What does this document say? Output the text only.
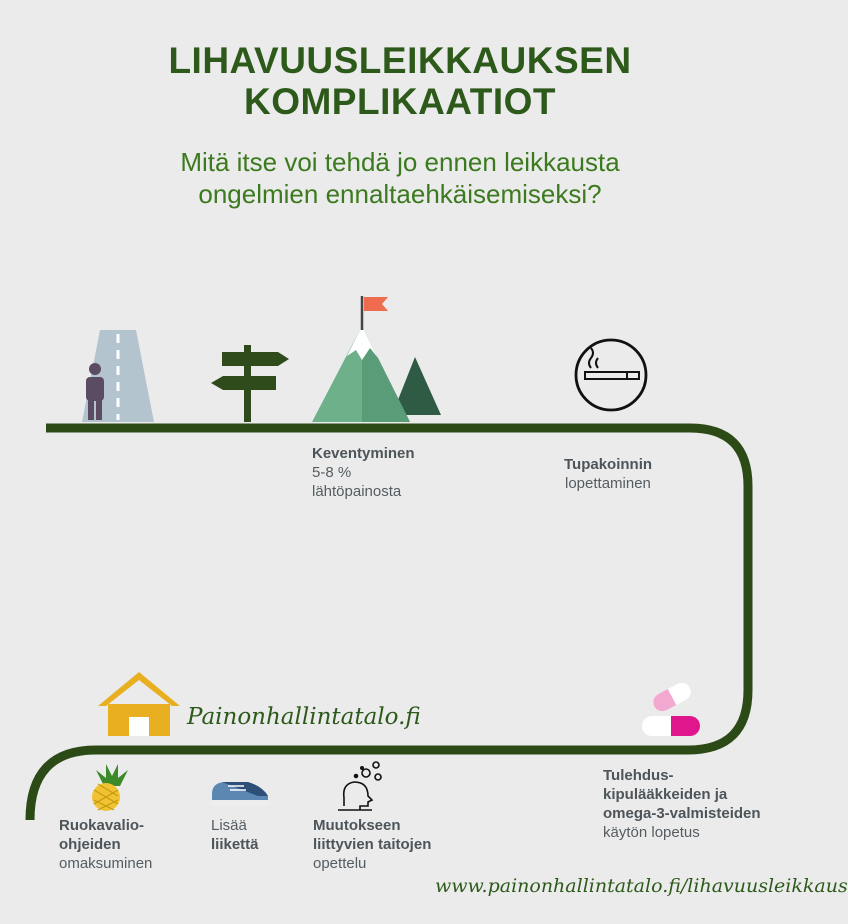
LIHAVUUSLEIKKAUKSEN
KOMPLIKAATIOT
Mitä itse voi tehdä jo ennen leikkausta
ongelmien ennaltaehkäisemiseksi?
Keventyminen
5-8 %
lähtöpainosta
Tupakoinnin
lopettaminen
Tulehdus-
kipulääkkeiden ja
omega-3-valmisteiden
käytön lopetus
Muutokseen
liittyvien taitojen
opettelu
Lisää
liikettä
Ruokavalio-
ohjeiden
omaksuminen
Painonhallintatalo.fi
www.painonhallintatalo.fi/lihavuusleikkaus
